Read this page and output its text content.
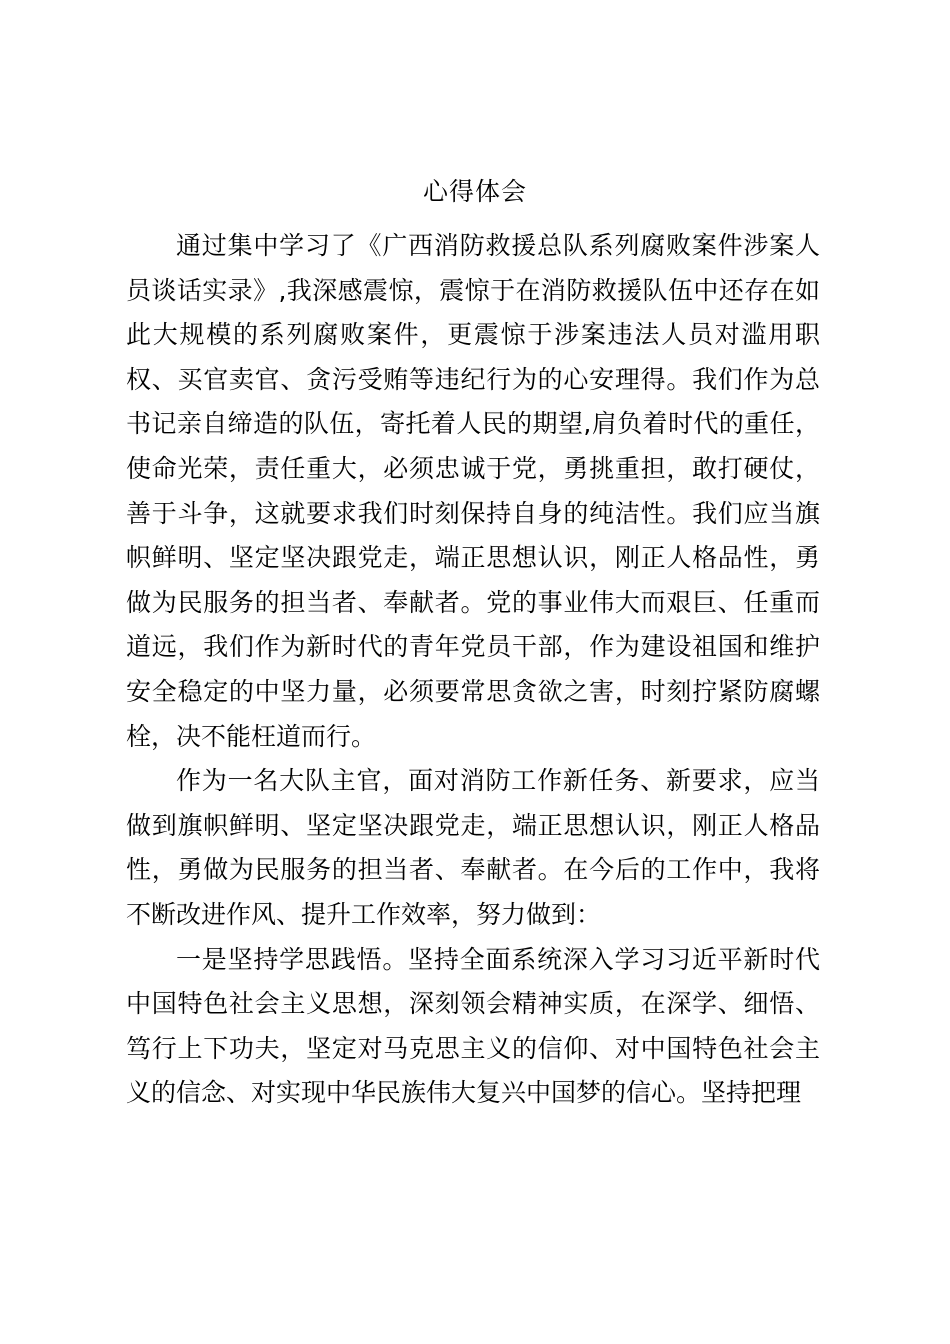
心得体会

通过集中学习了《广西消防救援总队系列腐败案件涉案人员谈话实录》,我深感震惊，震惊于在消防救援队伍中还存在如此大规模的系列腐败案件，更震惊于涉案违法人员对滥用职权、买官卖官、贪污受贿等违纪行为的心安理得。我们作为总书记亲自缔造的队伍，寄托着人民的期望,肩负着时代的重任，使命光荣，责任重大，必须忠诚于党，勇挑重担，敢打硬仗，善于斗争，这就要求我们时刻保持自身的纯洁性。我们应当旗帜鲜明、坚定坚决跟党走，端正思想认识，刚正人格品性，勇做为民服务的担当者、奉献者。党的事业伟大而艰巨、任重而道远，我们作为新时代的青年党员干部，作为建设祖国和维护安全稳定的中坚力量，必须要常思贪欲之害，时刻拧紧防腐螺栓，决不能枉道而行。

作为一名大队主官，面对消防工作新任务、新要求，应当做到旗帜鲜明、坚定坚决跟党走，端正思想认识，刚正人格品性，勇做为民服务的担当者、奉献者。在今后的工作中，我将不断改进作风、提升工作效率，努力做到：

一是坚持学思践悟。坚持全面系统深入学习习近平新时代中国特色社会主义思想，深刻领会精神实质，在深学、细悟、笃行上下功夫，坚定对马克思主义的信仰、对中国特色社会主义的信念、对实现中华民族伟大复兴中国梦的信心。坚持把理
